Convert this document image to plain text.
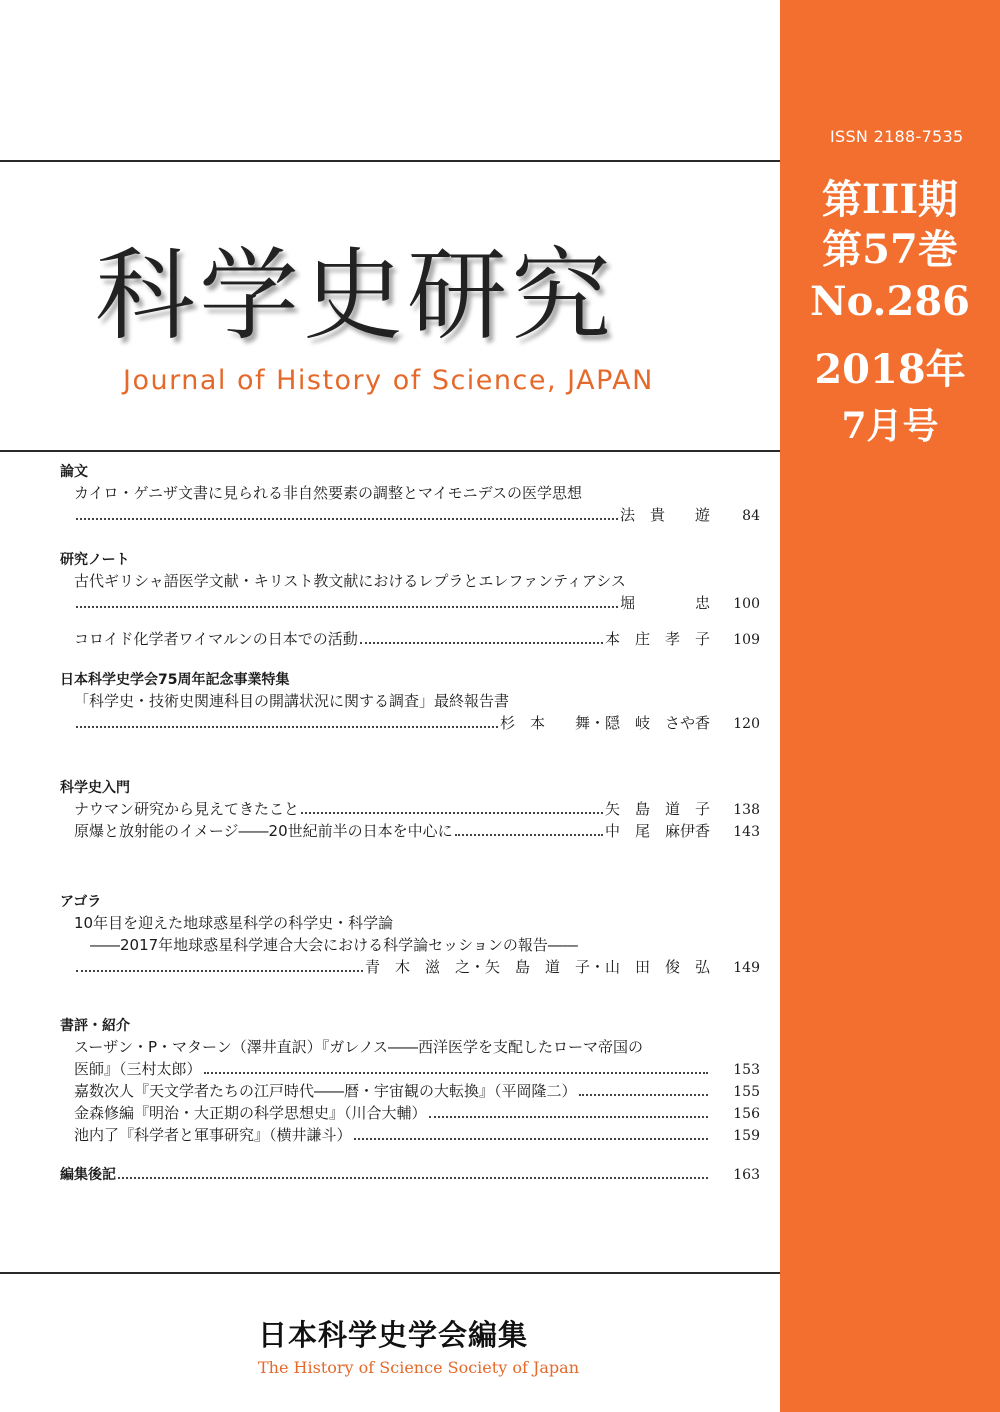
ISSN 2188-7535
第III期
第57巻
No.286
2018年
7月号
科学史研究
Journal of History of Science, JAPAN
論文
カイロ・ゲニザ文書に見られる非自然要素の調整とマイモニデスの医学思想
法　貴　　遊	84
研究ノート
古代ギリシャ語医学文献・キリスト教文献におけるレプラとエレファンティアシス
堀　　　　忠	100
コロイド化学者ワイマルンの日本での活動	本　庄　孝　子	109
日本科学史学会75周年記念事業特集
「科学史・技術史関連科目の開講状況に関する調査」最終報告書
杉　本　　舞・隠　岐　さや香	120
科学史入門
ナウマン研究から見えてきたこと	矢　島　道　子	138
原爆と放射能のイメージ――20世紀前半の日本を中心に	中　尾　麻伊香	143
アゴラ
10年目を迎えた地球惑星科学の科学史・科学論
――2017年地球惑星科学連合大会における科学論セッションの報告――
青　木　滋　之・矢　島　道　子・山　田　俊　弘	149
書評・紹介
スーザン・P・マターン（澤井直訳）『ガレノス――西洋医学を支配したローマ帝国の
医師』（三村太郎）	153
嘉数次人『天文学者たちの江戸時代――暦・宇宙観の大転換』（平岡隆二）	155
金森修編『明治・大正期の科学思想史』（川合大輔）	156
池内了『科学者と軍事研究』（横井謙斗）	159
編集後記	163
日本科学史学会編集
The History of Science Society of Japan
